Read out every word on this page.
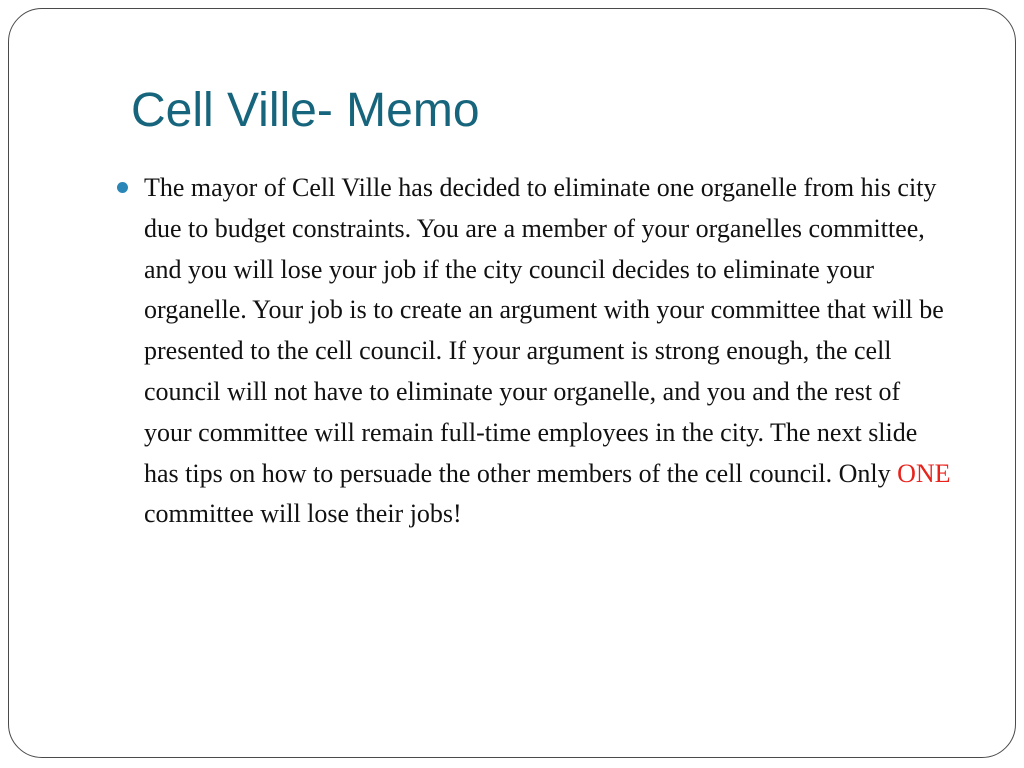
Cell Ville- Memo

The mayor of Cell Ville has decided to eliminate one organelle from his city due to budget constraints. You are a member of your organelles committee, and you will lose your job if the city council decides to eliminate your organelle. Your job is to create an argument with your committee that will be presented to the cell council. If your argument is strong enough, the cell council will not have to eliminate your organelle, and you and the rest of your committee will remain full-time employees in the city. The next slide has tips on how to persuade the other members of the cell council. Only ONE committee will lose their jobs!
